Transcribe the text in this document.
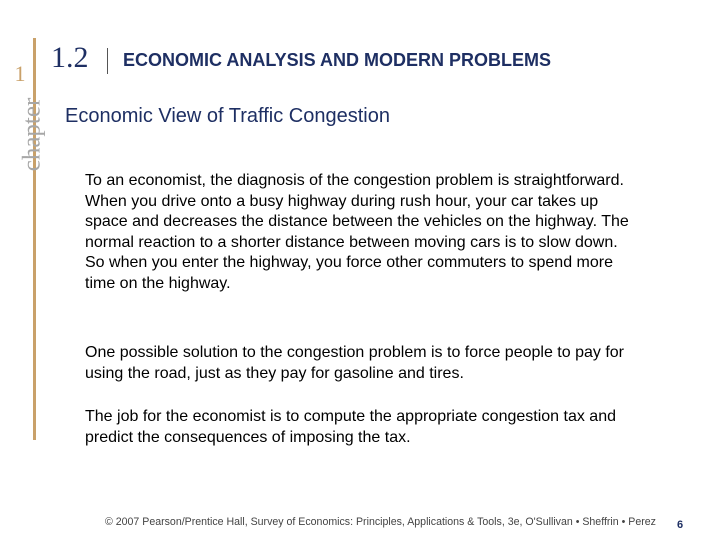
chapter
1 1.2 ECONOMIC ANALYSIS AND MODERN PROBLEMS
Economic View of Traffic Congestion

To an economist, the diagnosis of the congestion problem is straightforward. When you drive onto a busy highway during rush hour, your car takes up space and decreases the distance between the vehicles on the highway. The normal reaction to a shorter distance between moving cars is to slow down. So when you enter the highway, you force other commuters to spend more time on the highway.

One possible solution to the congestion problem is to force people to pay for using the road, just as they pay for gasoline and tires.

The job for the economist is to compute the appropriate congestion tax and predict the consequences of imposing the tax.

© 2007 Pearson/Prentice Hall, Survey of Economics: Principles, Applications & Tools, 3e, O'Sullivan • Sheffrin • Perez 6
